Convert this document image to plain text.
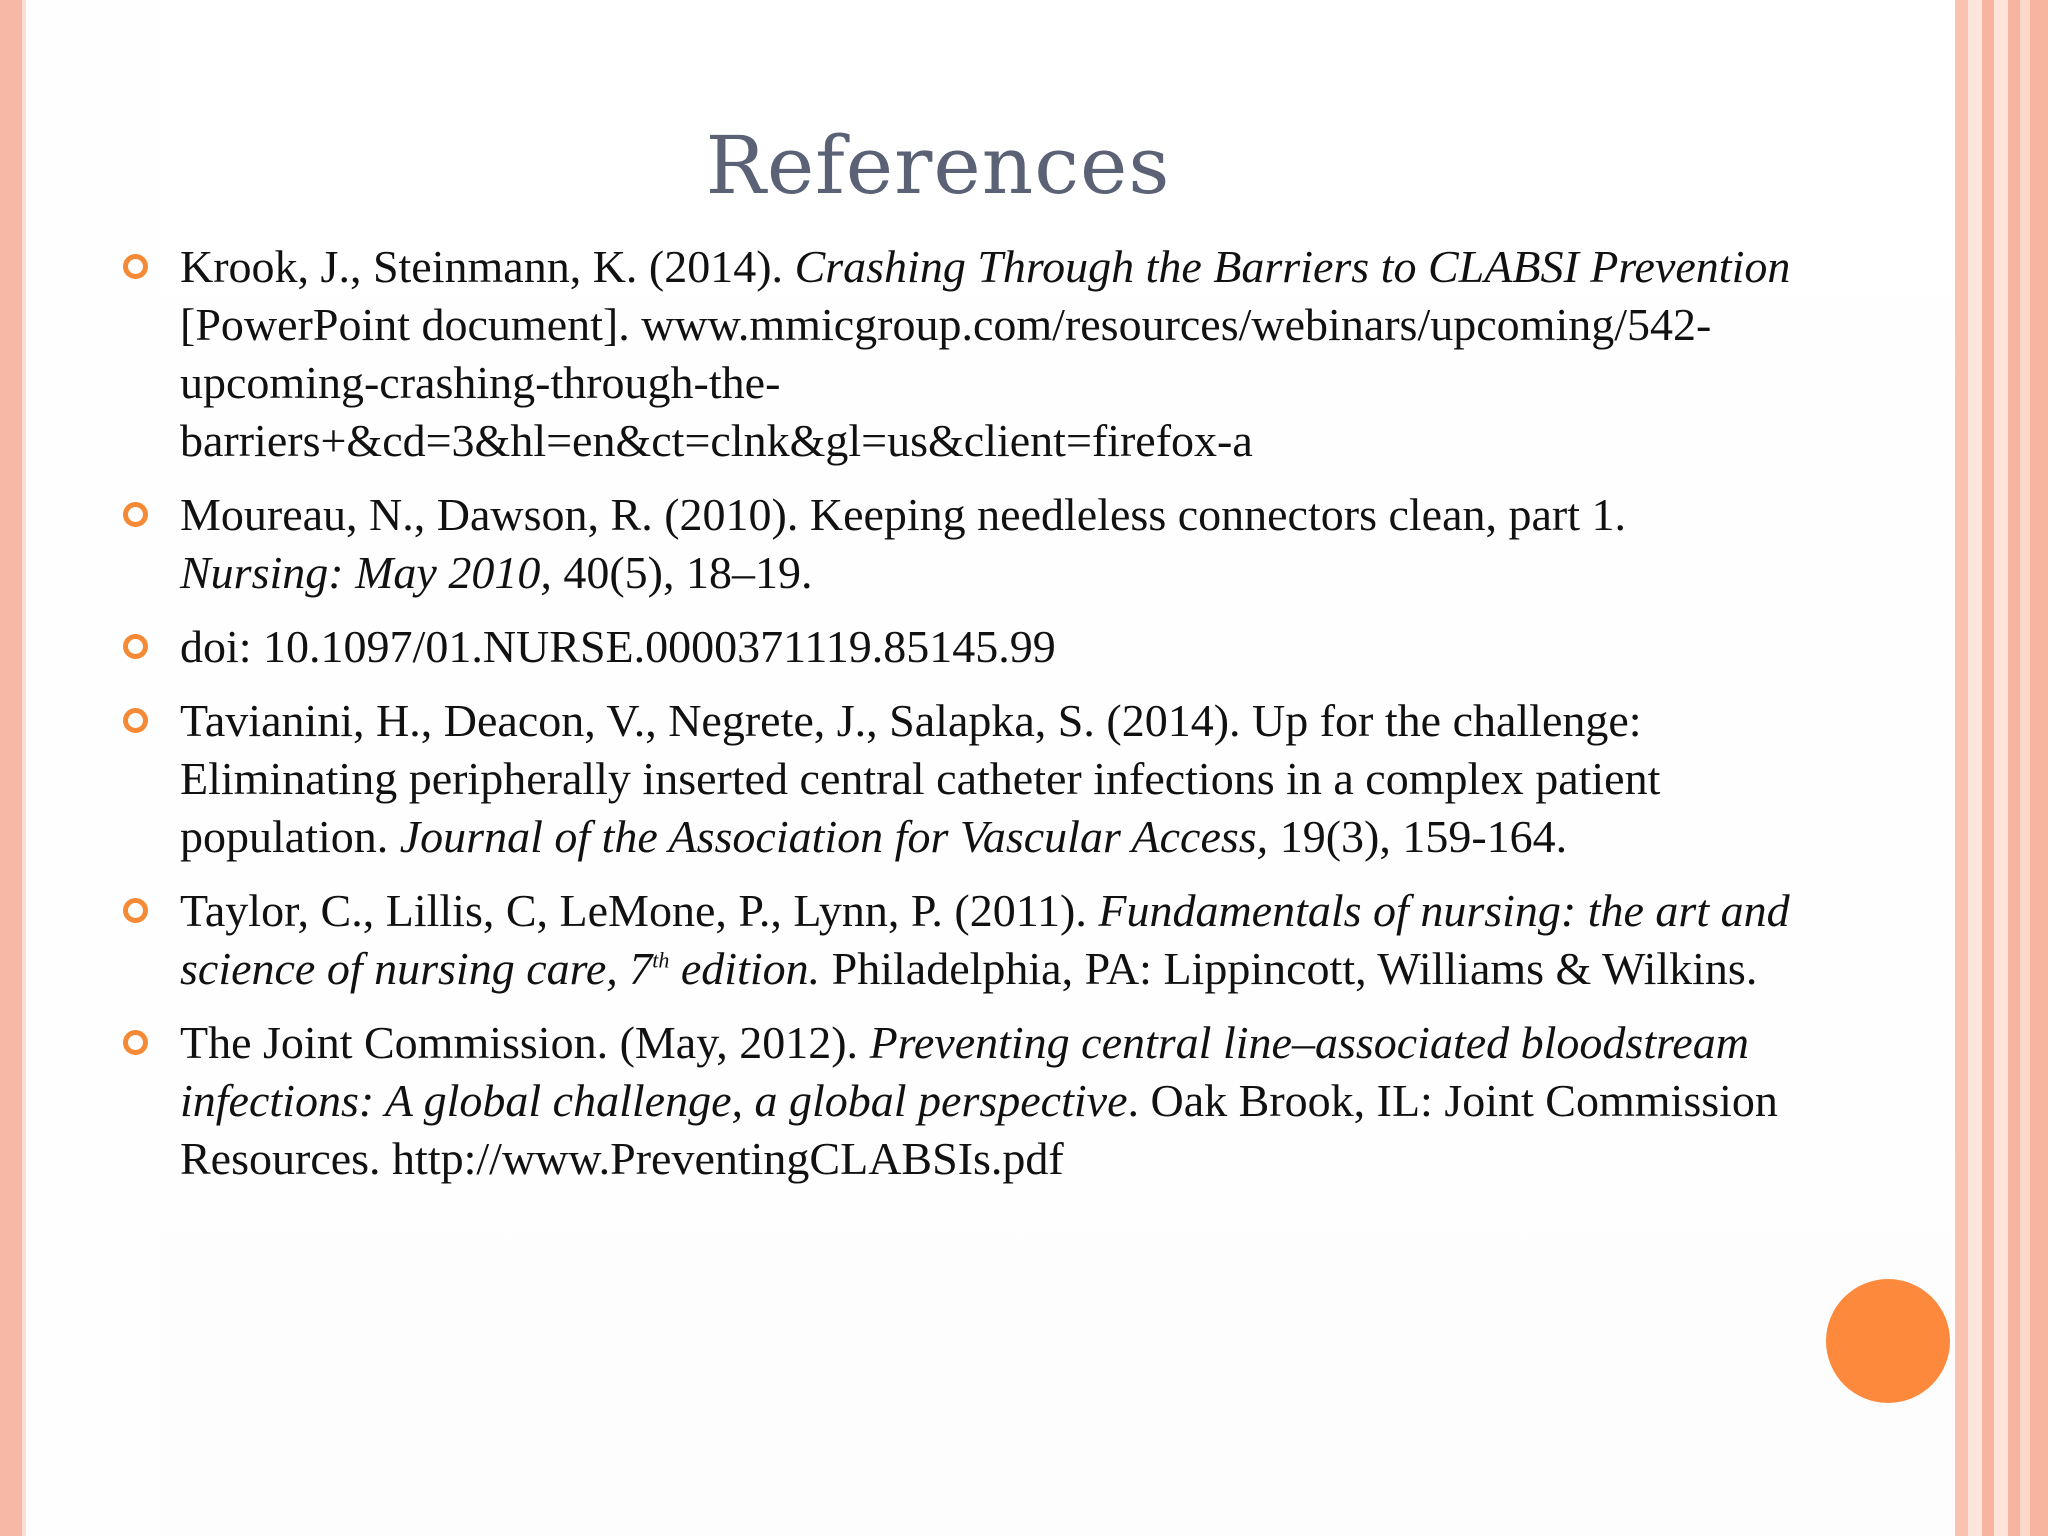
References
Krook, J., Steinmann, K. (2014). Crashing Through the Barriers to CLABSI Prevention [PowerPoint document]. www.mmicgroup.com/resources/webinars/upcoming/542-upcoming-crashing-through-the-barriers+&cd=3&hl=en&ct=clnk&gl=us&client=firefox-a
Moureau, N., Dawson, R. (2010). Keeping needleless connectors clean, part 1. Nursing: May 2010, 40(5), 18–19.
doi: 10.1097/01.NURSE.0000371119.85145.99
Tavianini, H., Deacon, V., Negrete, J., Salapka, S. (2014). Up for the challenge: Eliminating peripherally inserted central catheter infections in a complex patient population. Journal of the Association for Vascular Access, 19(3), 159-164.
Taylor, C., Lillis, C, LeMone, P., Lynn, P. (2011). Fundamentals of nursing: the art and science of nursing care, 7th edition. Philadelphia, PA: Lippincott, Williams & Wilkins.
The Joint Commission. (May, 2012). Preventing central line–associated bloodstream infections: A global challenge, a global perspective. Oak Brook, IL: Joint Commission Resources. http://www.PreventingCLABSIs.pdf
